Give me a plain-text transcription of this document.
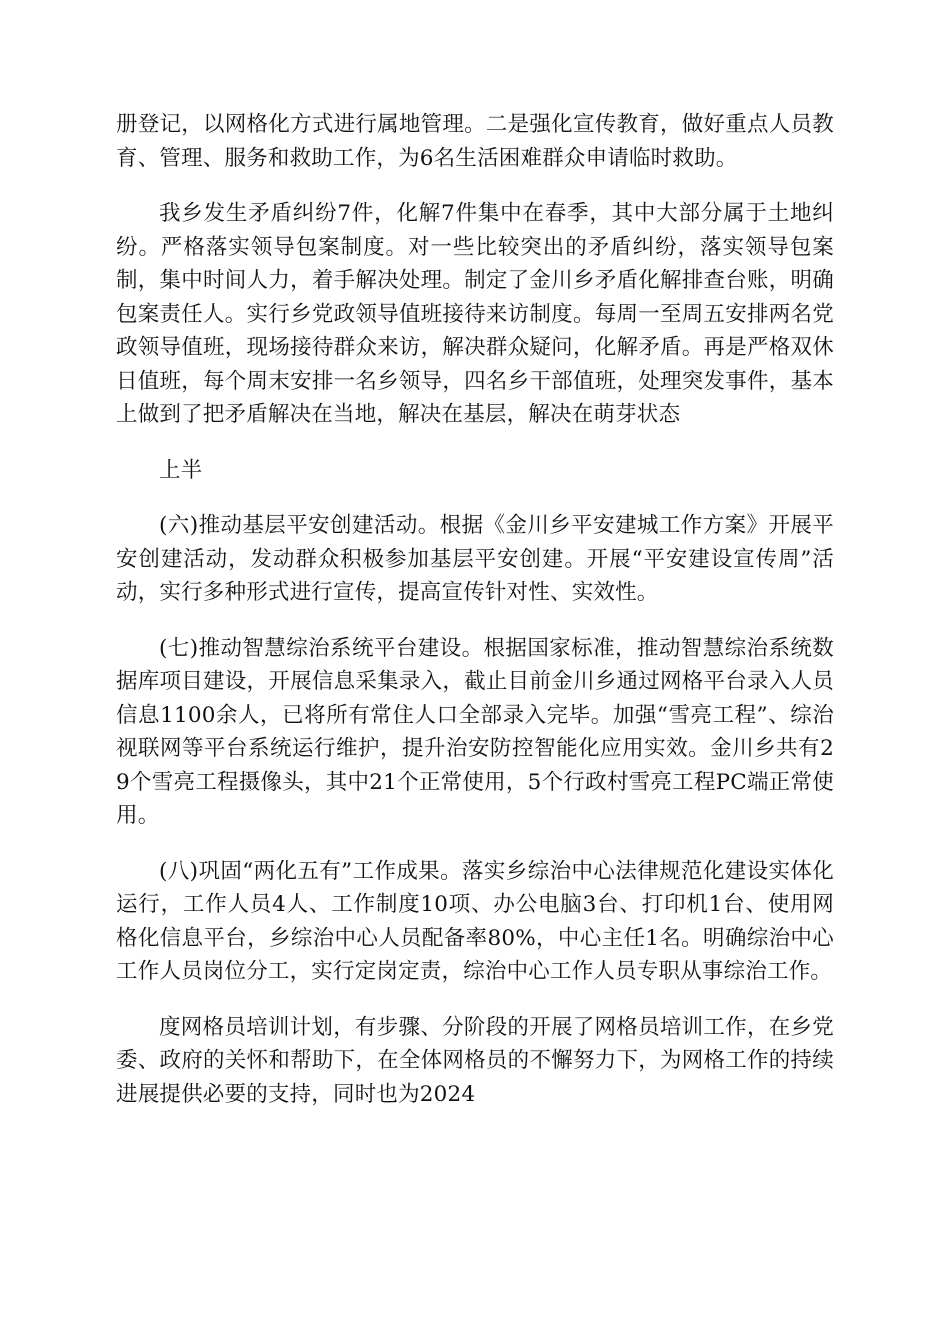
册登记，以网格化方式进行属地管理。二是强化宣传教育，做好重点人员教育、管理、服务和救助工作，为6名生活困难群众申请临时救助。

我乡发生矛盾纠纷7件，化解7件集中在春季，其中大部分属于土地纠纷。严格落实领导包案制度。对一些比较突出的矛盾纠纷，落实领导包案制，集中时间人力，着手解决处理。制定了金川乡矛盾化解排查台账，明确包案责任人。实行乡党政领导值班接待来访制度。每周一至周五安排两名党政领导值班，现场接待群众来访，解决群众疑问，化解矛盾。再是严格双休日值班，每个周末安排一名乡领导，四名乡干部值班，处理突发事件，基本上做到了把矛盾解决在当地，解决在基层，解决在萌芽状态

上半

(六)推动基层平安创建活动。根据《金川乡平安建城工作方案》开展平安创建活动，发动群众积极参加基层平安创建。开展“平安建设宣传周”活动，实行多种形式进行宣传，提高宣传针对性、实效性。

(七)推动智慧综治系统平台建设。根据国家标准，推动智慧综治系统数据库项目建设，开展信息采集录入，截止目前金川乡通过网格平台录入人员信息1100余人，已将所有常住人口全部录入完毕。加强“雪亮工程”、综治视联网等平台系统运行维护，提升治安防控智能化应用实效。金川乡共有29个雪亮工程摄像头，其中21个正常使用，5个行政村雪亮工程PC端正常使用。

(八)巩固“两化五有”工作成果。落实乡综治中心法律规范化建设实体化运行，工作人员4人、工作制度10项、办公电脑3台、打印机1台、使用网格化信息平台，乡综治中心人员配备率80%，中心主任1名。明确综治中心工作人员岗位分工，实行定岗定责，综治中心工作人员专职从事综治工作。

度网格员培训计划，有步骤、分阶段的开展了网格员培训工作，在乡党委、政府的关怀和帮助下，在全体网格员的不懈努力下，为网格工作的持续进展提供必要的支持，同时也为2024
